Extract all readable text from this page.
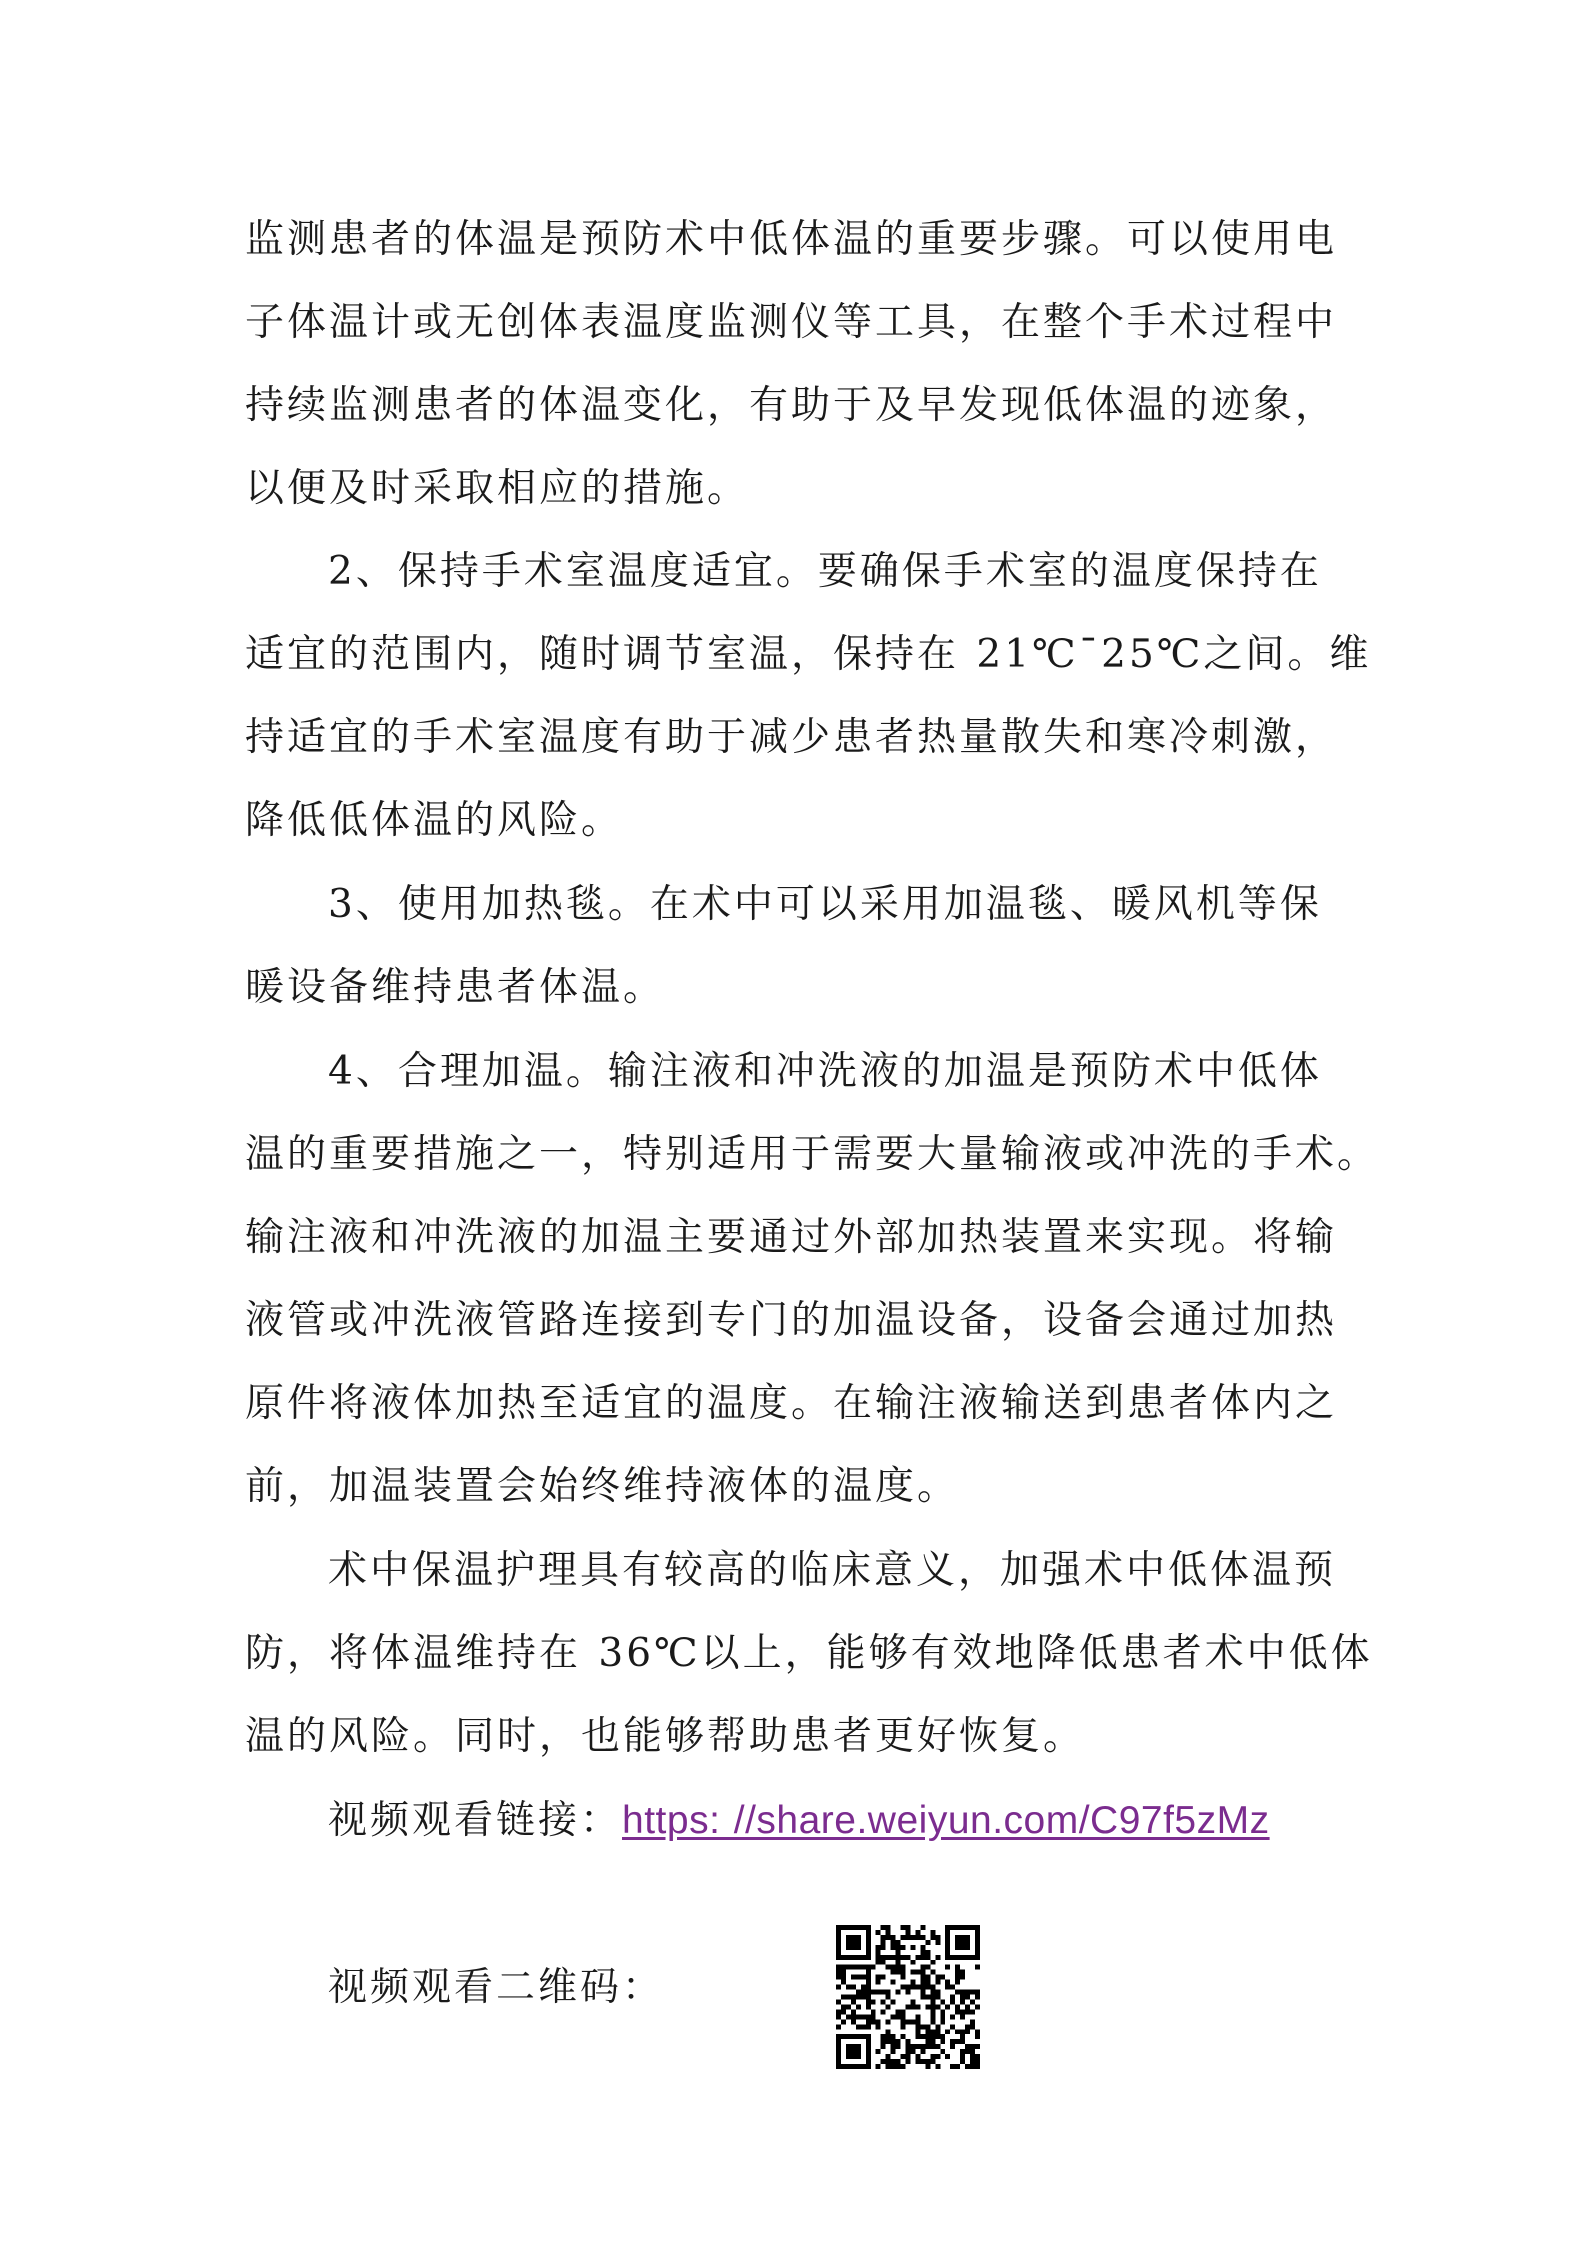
监测患者的体温是预防术中低体温的重要步骤。可以使用电
子体温计或无创体表温度监测仪等工具，在整个手术过程中
持续监测患者的体温变化，有助于及早发现低体温的迹象，
以便及时采取相应的措施。
2、保持手术室温度适宜。要确保手术室的温度保持在
适宜的范围内，随时调节室温，保持在 21℃¯25℃之间。维
持适宜的手术室温度有助于减少患者热量散失和寒冷刺激，
降低低体温的风险。
3、使用加热毯。在术中可以采用加温毯、暖风机等保
暖设备维持患者体温。
4、合理加温。输注液和冲洗液的加温是预防术中低体
温的重要措施之一，特别适用于需要大量输液或冲洗的手术。
输注液和冲洗液的加温主要通过外部加热装置来实现。将输
液管或冲洗液管路连接到专门的加温设备，设备会通过加热
原件将液体加热至适宜的温度。在输注液输送到患者体内之
前，加温装置会始终维持液体的温度。
术中保温护理具有较高的临床意义，加强术中低体温预
防，将体温维持在 36℃以上，能够有效地降低患者术中低体
温的风险。同时，也能够帮助患者更好恢复。
视频观看链接：https: //share.weiyun.com/C97f5zMz
视频观看二维码：
